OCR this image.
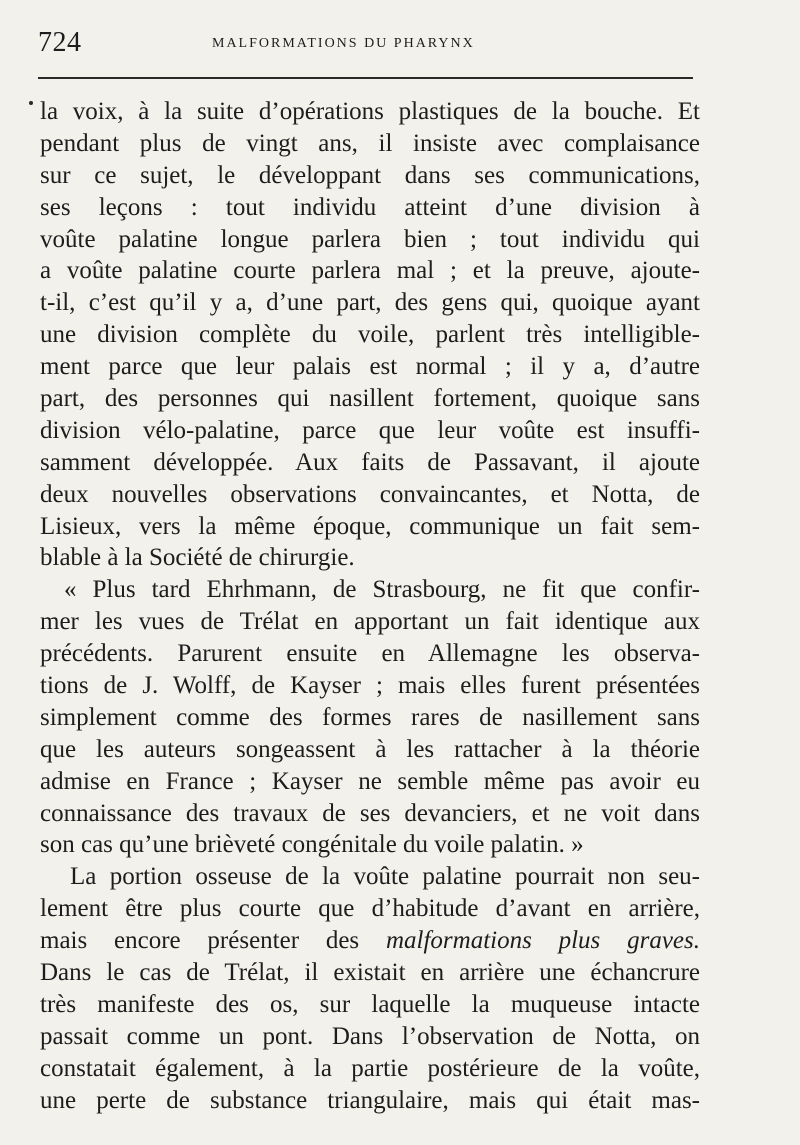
724	MALFORMATIONS DU PHARYNX
la voix, à la suite d’opérations plastiques de la bouche. Et
pendant plus de vingt ans, il insiste avec complaisance
sur ce sujet, le développant dans ses communications,
ses leçons : tout individu atteint d’une division à
voûte palatine longue parlera bien ; tout individu qui
a voûte palatine courte parlera mal ; et la preuve, ajoute-
t-il, c’est qu’il y a, d’une part, des gens qui, quoique ayant
une division complète du voile, parlent très intelligible-
ment parce que leur palais est normal ; il y a, d’autre
part, des personnes qui nasillent fortement, quoique sans
division vélo-palatine, parce que leur voûte est insuffi-
samment développée. Aux faits de Passavant, il ajoute
deux nouvelles observations convaincantes, et Notta, de
Lisieux, vers la même époque, communique un fait sem-
blable à la Société de chirurgie.
« Plus tard Ehrhmann, de Strasbourg, ne fit que confir-
mer les vues de Trélat en apportant un fait identique aux
précédents. Parurent ensuite en Allemagne les observa-
tions de J. Wolff, de Kayser ; mais elles furent présentées
simplement comme des formes rares de nasillement sans
que les auteurs songeassent à les rattacher à la théorie
admise en France ; Kayser ne semble même pas avoir eu
connaissance des travaux de ses devanciers, et ne voit dans
son cas qu’une brièveté congénitale du voile palatin. »
La portion osseuse de la voûte palatine pourrait non seu-
lement être plus courte que d’habitude d’avant en arrière,
mais encore présenter des malformations plus graves.
Dans le cas de Trélat, il existait en arrière une échancrure
très manifeste des os, sur laquelle la muqueuse intacte
passait comme un pont. Dans l’observation de Notta, on
constatait également, à la partie postérieure de la voûte,
une perte de substance triangulaire, mais qui était mas-
